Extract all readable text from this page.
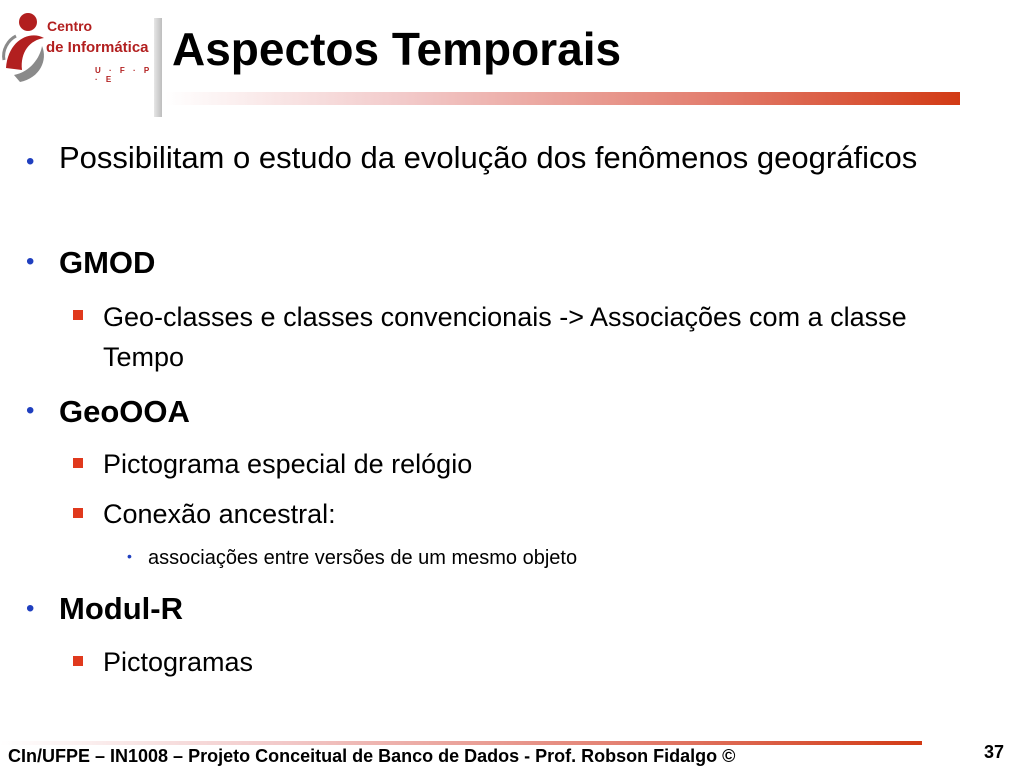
Centro
de Informática
U · F · P · E
Aspectos Temporais
• Possibilitam o estudo da evolução dos fenômenos geográficos
• GMOD
Geo-classes e classes convencionais -> Associações com a classe Tempo
• GeoOOA
Pictograma especial de relógio
Conexão ancestral:
• associações entre versões de um mesmo objeto
• Modul-R
Pictogramas
CIn/UFPE – IN1008 – Projeto Conceitual de Banco de Dados - Prof. Robson Fidalgo ©	37
